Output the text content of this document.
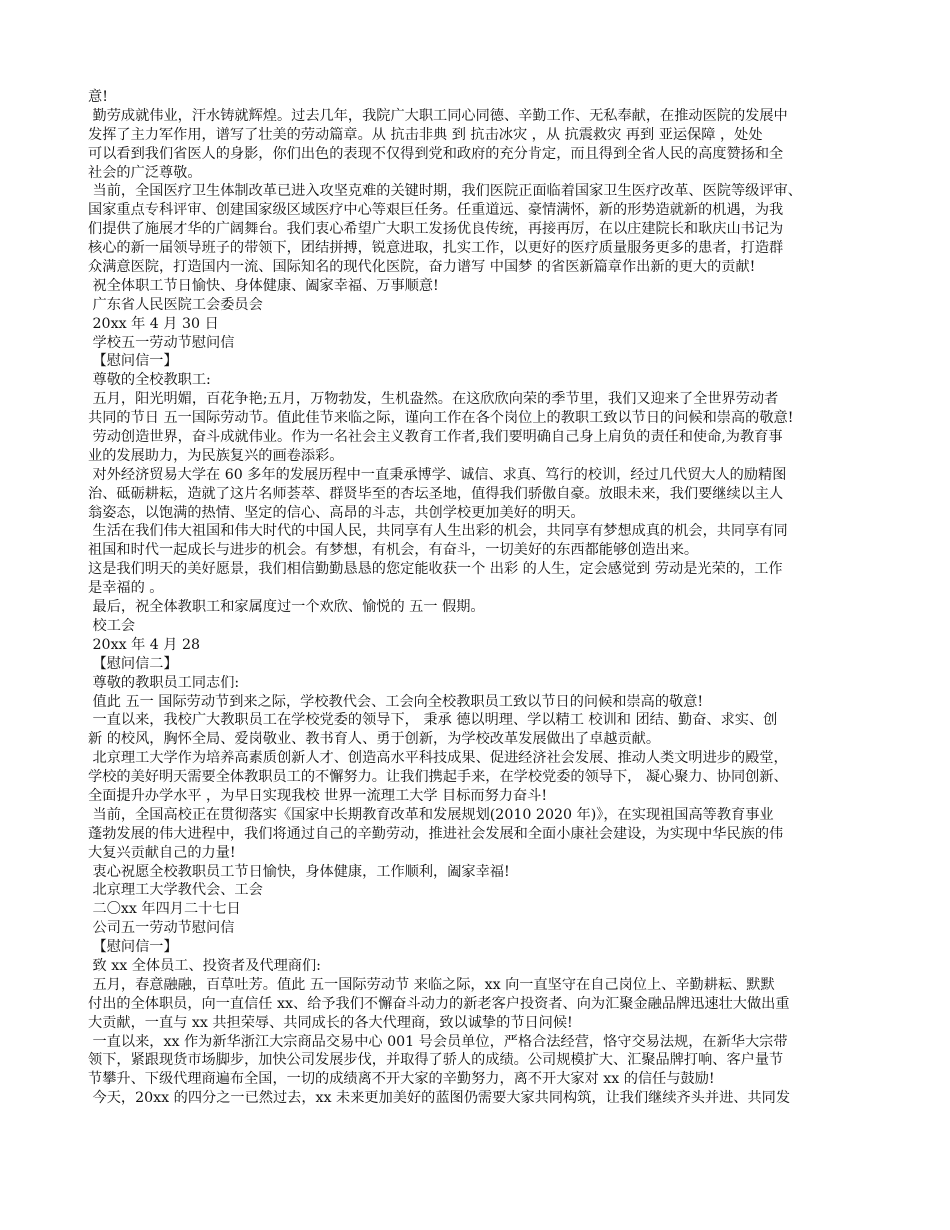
意!
勤劳成就伟业，汗水铸就辉煌。过去几年，我院广大职工同心同德、辛勤工作、无私奉献，在推动医院的发展中
发挥了主力军作用，谱写了壮美的劳动篇章。从 抗击非典 到 抗击冰灾 ，从 抗震救灾 再到 亚运保障 ，处处
可以看到我们省医人的身影，你们出色的表现不仅得到党和政府的充分肯定，而且得到全省人民的高度赞扬和全
社会的广泛尊敬。
当前，全国医疗卫生体制改革已进入攻坚克难的关键时期，我们医院正面临着国家卫生医疗改革、医院等级评审、
国家重点专科评审、创建国家级区域医疗中心等艰巨任务。任重道远、豪情满怀，新的形势造就新的机遇，为我
们提供了施展才华的广阔舞台。我们衷心希望广大职工发扬优良传统，再接再厉，在以庄建院长和耿庆山书记为
核心的新一届领导班子的带领下，团结拼搏，锐意进取，扎实工作，以更好的医疗质量服务更多的患者，打造群
众满意医院，打造国内一流、国际知名的现代化医院，奋力谱写 中国梦 的省医新篇章作出新的更大的贡献!
祝全体职工节日愉快、身体健康、阖家幸福、万事顺意!
广东省人民医院工会委员会
20xx 年 4 月 30 日
学校五一劳动节慰问信
【慰问信一】
尊敬的全校教职工:
五月，阳光明媚，百花争艳;五月，万物勃发，生机盎然。在这欣欣向荣的季节里，我们又迎来了全世界劳动者
共同的节日 五一国际劳动节。值此佳节来临之际，谨向工作在各个岗位上的教职工致以节日的问候和崇高的敬意!
劳动创造世界，奋斗成就伟业。作为一名社会主义教育工作者,我们要明确自己身上肩负的责任和使命,为教育事
业的发展助力，为民族复兴的画卷添彩。
对外经济贸易大学在 60 多年的发展历程中一直秉承博学、诚信、求真、笃行的校训，经过几代贸大人的励精图
治、砥砺耕耘，造就了这片名师荟萃、群贤毕至的杏坛圣地，值得我们骄傲自豪。放眼未来，我们要继续以主人
翁姿态，以饱满的热情、坚定的信心、高昂的斗志，共创学校更加美好的明天。
生活在我们伟大祖国和伟大时代的中国人民，共同享有人生出彩的机会，共同享有梦想成真的机会，共同享有同
祖国和时代一起成长与进步的机会。有梦想，有机会，有奋斗，一切美好的东西都能够创造出来。
这是我们明天的美好愿景，我们相信勤勤恳恳的您定能收获一个 出彩 的人生，定会感觉到 劳动是光荣的，工作
是幸福的 。
最后，祝全体教职工和家属度过一个欢欣、愉悦的 五一 假期。
校工会
20xx 年 4 月 28
【慰问信二】
尊敬的教职员工同志们:
值此 五一 国际劳动节到来之际，学校教代会、工会向全校教职员工致以节日的问候和崇高的敬意!
一直以来，我校广大教职员工在学校党委的领导下， 秉承 德以明理、学以精工 校训和 团结、勤奋、求实、创
新 的校风，胸怀全局、爱岗敬业、教书育人、勇于创新，为学校改革发展做出了卓越贡献。
北京理工大学作为培养高素质创新人才、创造高水平科技成果、促进经济社会发展、推动人类文明进步的殿堂，
学校的美好明天需要全体教职员工的不懈努力。让我们携起手来，在学校党委的领导下， 凝心聚力、协同创新、
全面提升办学水平 ，为早日实现我校 世界一流理工大学 目标而努力奋斗!
当前，全国高校正在贯彻落实《国家中长期教育改革和发展规划(2010 2020 年)》，在实现祖国高等教育事业
蓬勃发展的伟大进程中，我们将通过自己的辛勤劳动，推进社会发展和全面小康社会建设，为实现中华民族的伟
大复兴贡献自己的力量!
衷心祝愿全校教职员工节日愉快，身体健康，工作顺利，阖家幸福!
北京理工大学教代会、工会
二〇xx 年四月二十七日
公司五一劳动节慰问信
【慰问信一】
致 xx 全体员工、投资者及代理商们:
五月，春意融融，百草吐芳。值此 五一国际劳动节 来临之际，xx 向一直坚守在自己岗位上、辛勤耕耘、默默
付出的全体职员，向一直信任 xx、给予我们不懈奋斗动力的新老客户投资者、向为汇聚金融品牌迅速壮大做出重
大贡献，一直与 xx 共担荣辱、共同成长的各大代理商，致以诚挚的节日问候!
一直以来，xx 作为新华浙江大宗商品交易中心 001 号会员单位，严格合法经营，恪守交易法规，在新华大宗带
领下，紧跟现货市场脚步，加快公司发展步伐，并取得了骄人的成绩。公司规模扩大、汇聚品牌打响、客户量节
节攀升、下级代理商遍布全国，一切的成绩离不开大家的辛勤努力，离不开大家对 xx 的信任与鼓励!
今天，20xx 的四分之一已然过去，xx 未来更加美好的蓝图仍需要大家共同构筑，让我们继续齐头并进、共同发
